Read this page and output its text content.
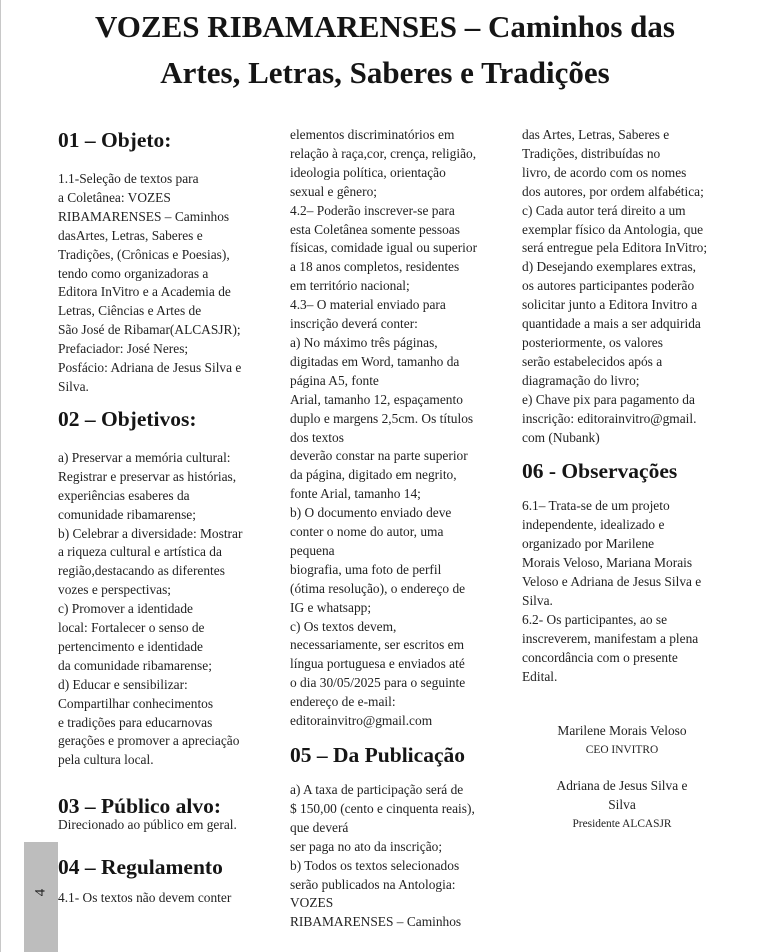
4
VOZES RIBAMARENSES – Caminhos das
Artes, Letras, Saberes e Tradições
01 – Objeto:
1.1-Seleção de textos para
a Coletânea: VOZES
RIBAMARENSES – Caminhos
dasArtes, Letras, Saberes e
Tradições, (Crônicas e Poesias),
tendo como organizadoras a
Editora InVitro e a Academia de
Letras, Ciências e Artes de
São José de Ribamar(ALCASJR);
Prefaciador: José Neres;
Posfácio: Adriana de Jesus Silva e
Silva.
02 – Objetivos:
a) Preservar a memória cultural:
Registrar e preservar as histórias,
experiências esaberes da
comunidade ribamarense;
b) Celebrar a diversidade: Mostrar
a riqueza cultural e artística da
região,destacando as diferentes
vozes e perspectivas;
c) Promover a identidade
local: Fortalecer o senso de
pertencimento e identidade
da comunidade ribamarense;
d) Educar e sensibilizar:
Compartilhar conhecimentos
e tradições para educarnovas
gerações e promover a apreciação
pela cultura local.
03 – Público alvo:
Direcionado ao público em geral.
04 – Regulamento
4.1- Os textos não devem conter
elementos discriminatórios em
relação à raça,cor, crença, religião,
ideologia política, orientação
sexual e gênero;
4.2– Poderão inscrever-se para
esta Coletânea somente pessoas
físicas, comidade igual ou superior
a 18 anos completos, residentes
em território nacional;
4.3– O material enviado para
inscrição deverá conter:
a) No máximo três páginas,
digitadas em Word, tamanho da
página A5, fonte
Arial, tamanho 12, espaçamento
duplo e margens 2,5cm. Os títulos
dos textos
deverão constar na parte superior
da página, digitado em negrito,
fonte Arial, tamanho 14;
b) O documento enviado deve
conter o nome do autor, uma
pequena
biografia, uma foto de perfil
(ótima resolução), o endereço de
IG e whatsapp;
c) Os textos devem,
necessariamente, ser escritos em
língua portuguesa e enviados até
o dia 30/05/2025 para o seguinte
endereço de e-mail:
editorainvitro@gmail.com
05 – Da Publicação
a) A taxa de participação será de
$ 150,00 (cento e cinquenta reais),
que deverá
ser paga no ato da inscrição;
b) Todos os textos selecionados
serão publicados na Antologia:
VOZES
RIBAMARENSES – Caminhos
das Artes, Letras, Saberes e
Tradições, distribuídas no
livro, de acordo com os nomes
dos autores, por ordem alfabética;
c) Cada autor terá direito a um
exemplar físico da Antologia, que
será entregue pela Editora InVitro;
d) Desejando exemplares extras,
os autores participantes poderão
solicitar junto a Editora Invitro a
quantidade a mais a ser adquirida
posteriormente, os valores
serão estabelecidos após a
diagramação do livro;
e) Chave pix para pagamento da
inscrição: editorainvitro@gmail.
com (Nubank)
06 - Observações
6.1– Trata-se de um projeto
independente, idealizado e
organizado por Marilene
Morais Veloso, Mariana Morais
Veloso e Adriana de Jesus Silva e
Silva.
6.2- Os participantes, ao se
inscreverem, manifestam a plena
concordância com o presente
Edital.
Marilene Morais Veloso
CEO INVITRO
Adriana de Jesus Silva e
Silva
Presidente ALCASJR
